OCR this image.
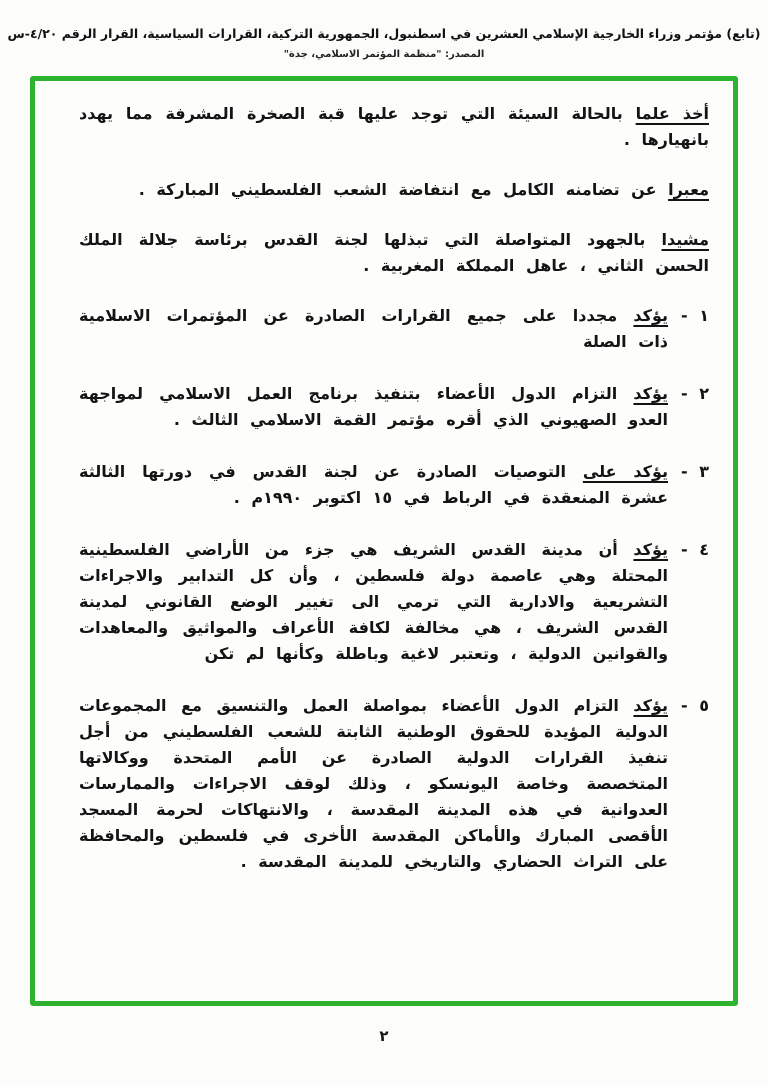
(تابع) مؤتمر وزراء الخارجية الإسلامي العشرين في اسطنبول، الجمهورية التركية، القرارات السياسية، القرار الرقم ٤/٢٠-س
المصدر: "منظمة المؤتمر الاسلامي، جدة"

أخذ علما بالحالة السيئة التي توجد عليها قبة الصخرة المشرفة مما يهدد بانهيارها .

معبرا عن تضامنه الكامل مع انتفاضة الشعب الفلسطيني المباركة .

مشيدا بالجهود المتواصلة التي تبذلها لجنة القدس برئاسة جلالة الملك الحسن الثاني ، عاهل المملكة المغربية .

١ -

يؤكد مجددا على جميع القرارات الصادرة عن المؤتمرات الاسلامية ذات الصلة

٢ -

يؤكد التزام الدول الأعضاء بتنفيذ برنامج العمل الاسلامي لمواجهة العدو الصهيوني الذي أقره مؤتمر القمة الاسلامي الثالث .

٣ -

يؤكد على التوصيات الصادرة عن لجنة القدس في دورتها الثالثة عشرة المنعقدة في الرباط في ١٥ اكتوبر ١٩٩٠م .

٤ -

يؤكد أن مدينة القدس الشريف هي جزء من الأراضي الفلسطينية المحتلة وهي عاصمة دولة فلسطين ، وأن كل التدابير والاجراءات التشريعية والادارية التي ترمي الى تغيير الوضع القانوني لمدينة القدس الشريف ، هي مخالفة لكافة الأعراف والمواثيق والمعاهدات والقوانين الدولية ، وتعتبر لاغية وباطلة وكأنها لم تكن

٥ -

يؤكد التزام الدول الأعضاء بمواصلة العمل والتنسيق مع المجموعات الدولية المؤيدة للحقوق الوطنية الثابتة للشعب الفلسطيني من أجل تنفيذ القرارات الدولية الصادرة عن الأمم المتحدة ووكالاتها المتخصصة وخاصة اليونسكو ، وذلك لوقف الاجراءات والممارسات العدوانية في هذه المدينة المقدسة ، والانتهاكات لحرمة المسجد الأقصى المبارك والأماكن المقدسة الأخرى في فلسطين والمحافظة على التراث الحضاري والتاريخي للمدينة المقدسة .

٢
